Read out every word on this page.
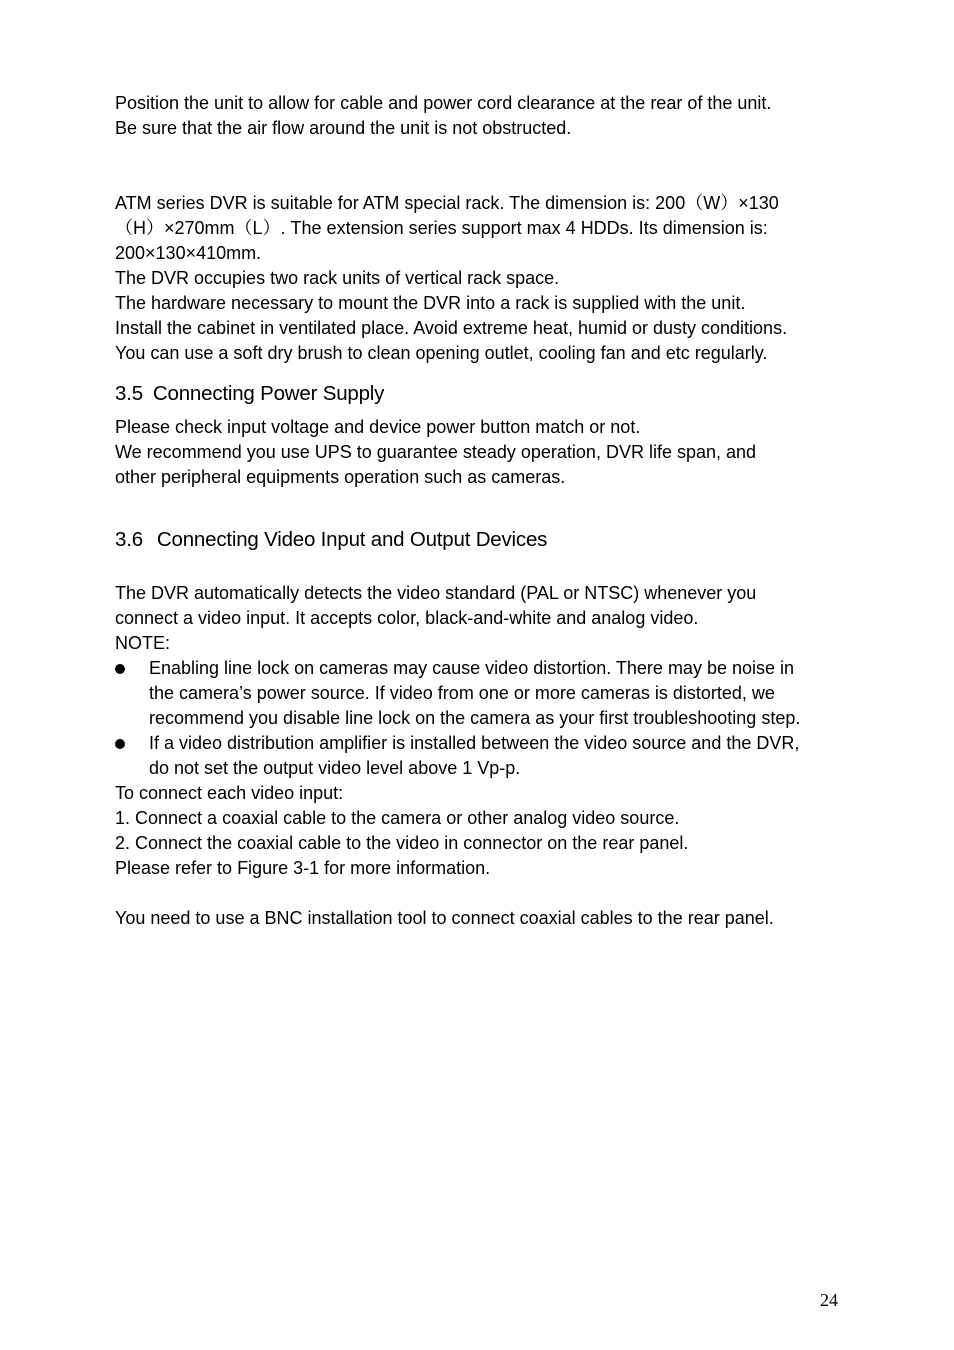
Position the unit to allow for cable and power cord clearance at the rear of the unit.
Be sure that the air flow around the unit is not obstructed.
ATM series DVR is suitable for ATM special rack. The dimension is: 200（W）×130
（H）×270mm（L）. The extension series support max 4 HDDs. Its dimension is:
200×130×410mm.
The DVR occupies two rack units of vertical rack space.
The hardware necessary to mount the DVR into a rack is supplied with the unit.
Install the cabinet in ventilated place. Avoid extreme heat, humid or dusty conditions.
You can use a soft dry brush to clean opening outlet, cooling fan and etc regularly.
3.5 Connecting Power Supply
Please check input voltage and device power button match or not.
We recommend you use UPS to guarantee steady operation, DVR life span, and
other peripheral equipments operation such as cameras.
3.6 Connecting Video Input and Output Devices
The DVR automatically detects the video standard (PAL or NTSC) whenever you
connect a video input. It accepts color, black-and-white and analog video.
NOTE:
Enabling line lock on cameras may cause video distortion. There may be noise in
the camera’s power source. If video from one or more cameras is distorted, we
recommend you disable line lock on the camera as your first troubleshooting step.
If a video distribution amplifier is installed between the video source and the DVR,
do not set the output video level above 1 Vp-p.
To connect each video input:
1. Connect a coaxial cable to the camera or other analog video source.
2. Connect the coaxial cable to the video in connector on the rear panel.
Please refer to Figure 3-1 for more information.
You need to use a BNC installation tool to connect coaxial cables to the rear panel.
24
